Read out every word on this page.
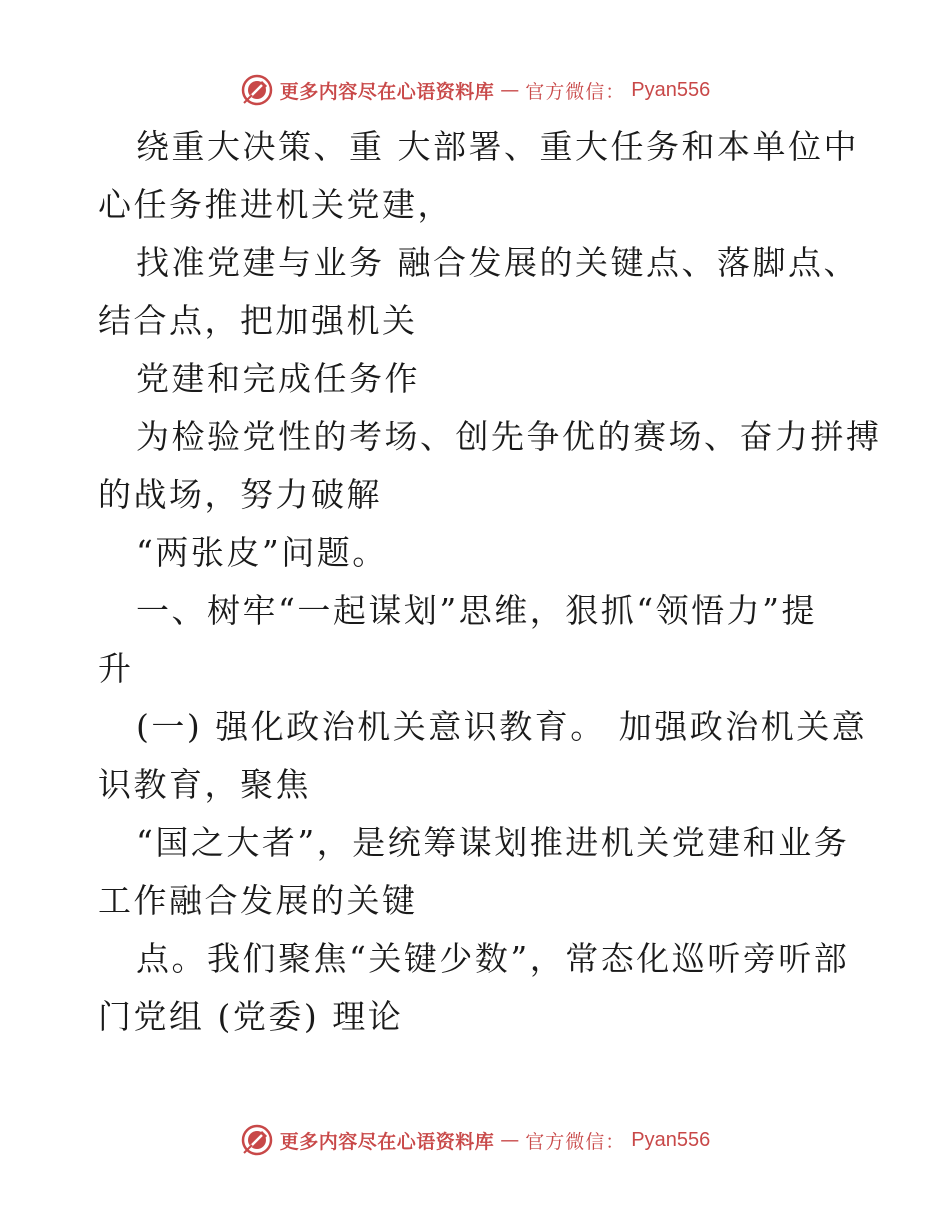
更多内容尽在心语资料库 — 官方微信： Pyan556
绕重大决策、重 大部署、重大任务和本单位中
心任务推进机关党建，
找准党建与业务 融合发展的关键点、落脚点、
结合点，把加强机关
党建和完成任务作
为检验党性的考场、创先争优的赛场、奋力拼搏
的战场，努力破解
“两张皮”问题。
一、树牢“一起谋划”思维，狠抓“领悟力”提
升
(一) 强化政治机关意识教育。 加强政治机关意
识教育，聚焦
“国之大者”，是统筹谋划推进机关党建和业务
工作融合发展的关键
点。我们聚焦“关键少数”，常态化巡听旁听部
门党组 (党委) 理论
更多内容尽在心语资料库 — 官方微信： Pyan556
